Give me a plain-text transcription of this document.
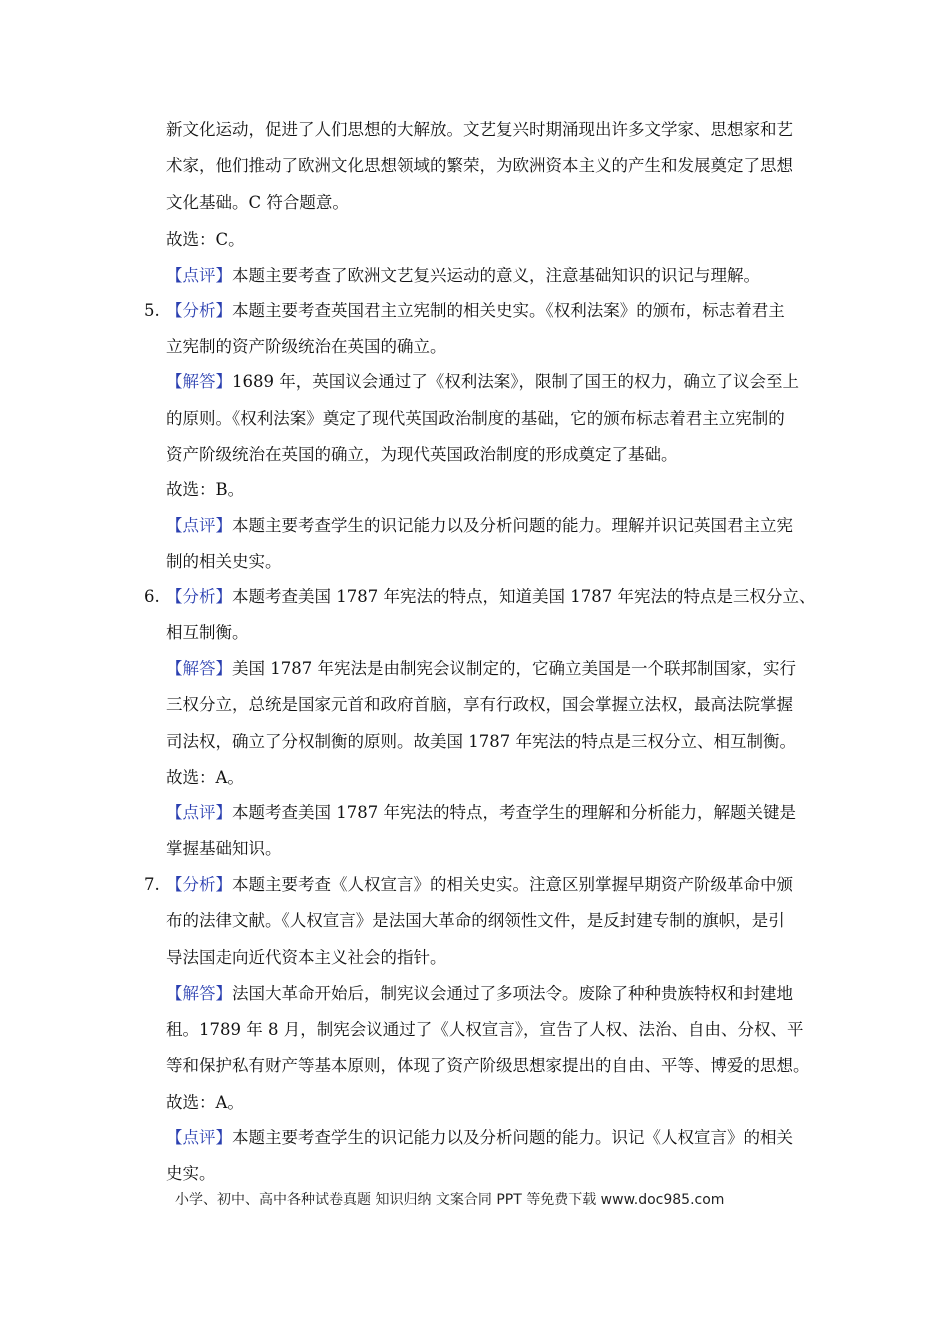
新文化运动，促进了人们思想的大解放。文艺复兴时期涌现出许多文学家、思想家和艺
术家，他们推动了欧洲文化思想领域的繁荣，为欧洲资本主义的产生和发展奠定了思想
文化基础。C 符合题意。
故选：C。
【点评】本题主要考查了欧洲文艺复兴运动的意义，注意基础知识的识记与理解。
5. 【分析】本题主要考查英国君主立宪制的相关史实。《权利法案》的颁布，标志着君主
立宪制的资产阶级统治在英国的确立。
【解答】1689 年，英国议会通过了《权利法案》，限制了国王的权力，确立了议会至上
的原则。《权利法案》奠定了现代英国政治制度的基础，它的颁布标志着君主立宪制的
资产阶级统治在英国的确立，为现代英国政治制度的形成奠定了基础。
故选：B。
【点评】本题主要考查学生的识记能力以及分析问题的能力。理解并识记英国君主立宪
制的相关史实。
6. 【分析】本题考查美国 1787 年宪法的特点，知道美国 1787 年宪法的特点是三权分立、
相互制衡。
【解答】美国 1787 年宪法是由制宪会议制定的，它确立美国是一个联邦制国家，实行
三权分立，总统是国家元首和政府首脑，享有行政权，国会掌握立法权，最高法院掌握
司法权，确立了分权制衡的原则。故美国 1787 年宪法的特点是三权分立、相互制衡。
故选：A。
【点评】本题考查美国 1787 年宪法的特点，考查学生的理解和分析能力，解题关键是
掌握基础知识。
7. 【分析】本题主要考查《人权宣言》的相关史实。注意区别掌握早期资产阶级革命中颁
布的法律文献。《人权宣言》是法国大革命的纲领性文件，是反封建专制的旗帜，是引
导法国走向近代资本主义社会的指针。
【解答】法国大革命开始后，制宪议会通过了多项法令。废除了种种贵族特权和封建地
租。1789 年 8 月，制宪会议通过了《人权宣言》，宣告了人权、法治、自由、分权、平
等和保护私有财产等基本原则，体现了资产阶级思想家提出的自由、平等、博爱的思想。
故选：A。
【点评】本题主要考查学生的识记能力以及分析问题的能力。识记《人权宣言》的相关
史实。
小学、初中、高中各种试卷真题 知识归纳 文案合同 PPT 等免费下载 www.doc985.com
